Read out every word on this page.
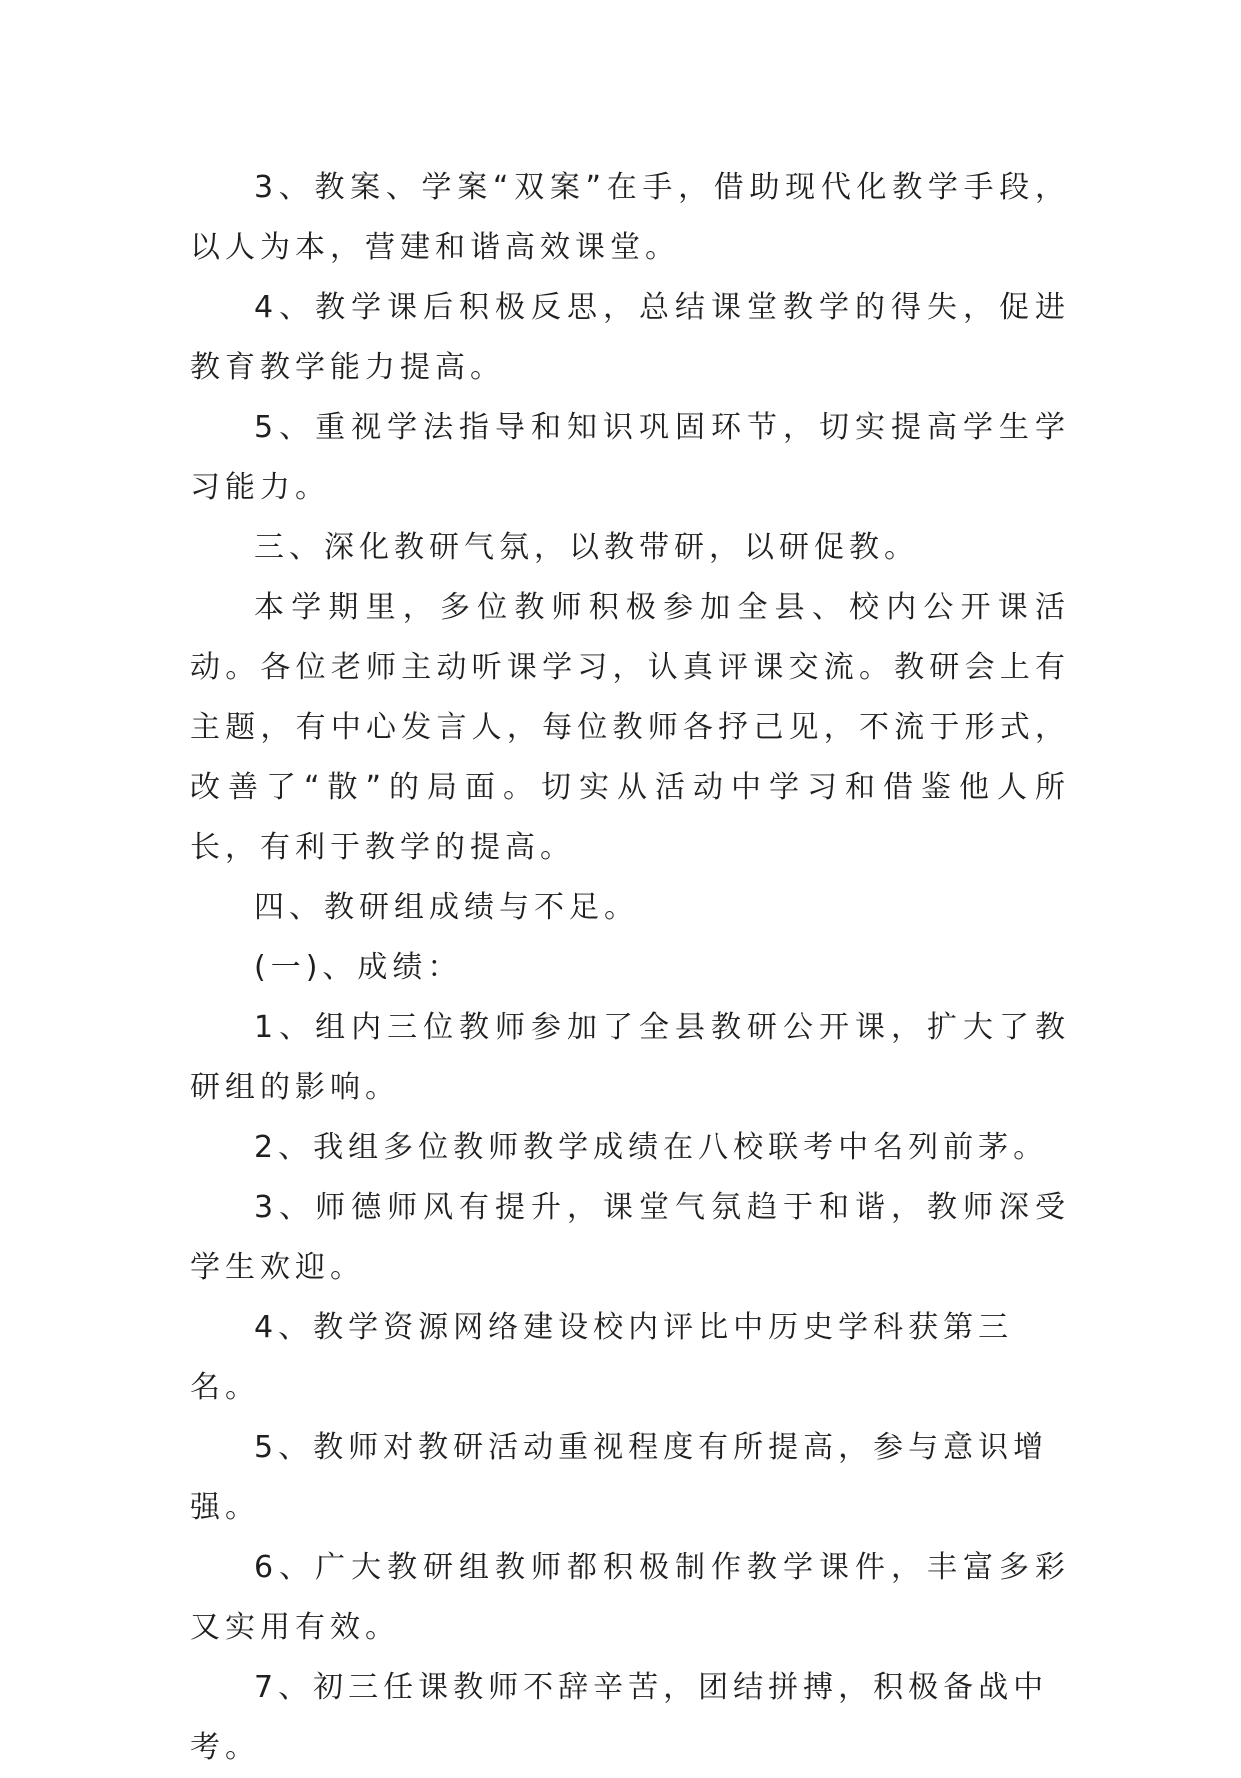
3、教案、学案“双案”在手，借助现代化教学手段，以人为本，营建和谐高效课堂。

4、教学课后积极反思，总结课堂教学的得失，促进教育教学能力提高。

5、重视学法指导和知识巩固环节，切实提高学生学习能力。

三、深化教研气氛，以教带研，以研促教。

本学期里，多位教师积极参加全县、校内公开课活动。各位老师主动听课学习，认真评课交流。教研会上有主题，有中心发言人，每位教师各抒己见，不流于形式，改善了“散”的局面。切实从活动中学习和借鉴他人所长，有利于教学的提高。

四、教研组成绩与不足。

(一)、成绩：

1、组内三位教师参加了全县教研公开课，扩大了教研组的影响。

2、我组多位教师教学成绩在八校联考中名列前茅。

3、师德师风有提升，课堂气氛趋于和谐，教师深受学生欢迎。

4、教学资源网络建设校内评比中历史学科获第三名。

5、教师对教研活动重视程度有所提高，参与意识增强。

6、广大教研组教师都积极制作教学课件，丰富多彩又实用有效。

7、初三任课教师不辞辛苦，团结拼搏，积极备战中考。
